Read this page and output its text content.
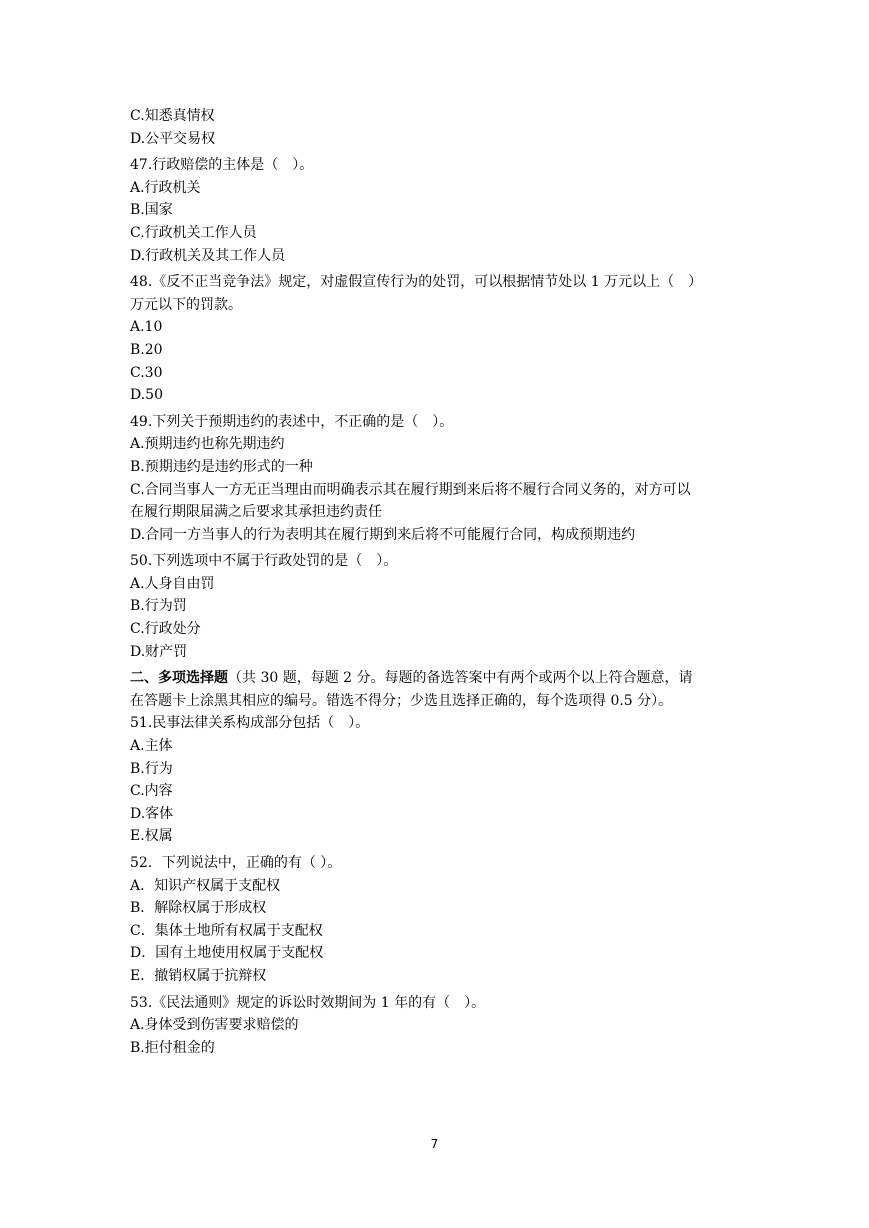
C.知悉真情权
D.公平交易权
47.行政赔偿的主体是（　）。
A.行政机关
B.国家
C.行政机关工作人员
D.行政机关及其工作人员
48.《反不正当竞争法》规定，对虚假宣传行为的处罚，可以根据情节处以 1 万元以上（　）
万元以下的罚款。
A.10
B.20
C.30
D.50
49.下列关于预期违约的表述中，不正确的是（　）。
A.预期违约也称先期违约
B.预期违约是违约形式的一种
C.合同当事人一方无正当理由而明确表示其在履行期到来后将不履行合同义务的，对方可以
在履行期限届满之后要求其承担违约责任
D.合同一方当事人的行为表明其在履行期到来后将不可能履行合同，构成预期违约
50.下列选项中不属于行政处罚的是（　）。
A.人身自由罚
B.行为罚
C.行政处分
D.财产罚
二、多项选择题（共 30 题，每题 2 分。每题的备选答案中有两个或两个以上符合题意，请
在答题卡上涂黑其相应的编号。错选不得分；少选且选择正确的，每个选项得 0.5 分）。
51.民事法律关系构成部分包括（　）。
A.主体
B.行为
C.内容
D.客体
E.权属
52．下列说法中，正确的有（ ）。
A．知识产权属于支配权
B．解除权属于形成权
C．集体土地所有权属于支配权
D．国有土地使用权属于支配权
E．撤销权属于抗辩权
53.《民法通则》规定的诉讼时效期间为 1 年的有（　）。
A.身体受到伤害要求赔偿的
B.拒付租金的
7
